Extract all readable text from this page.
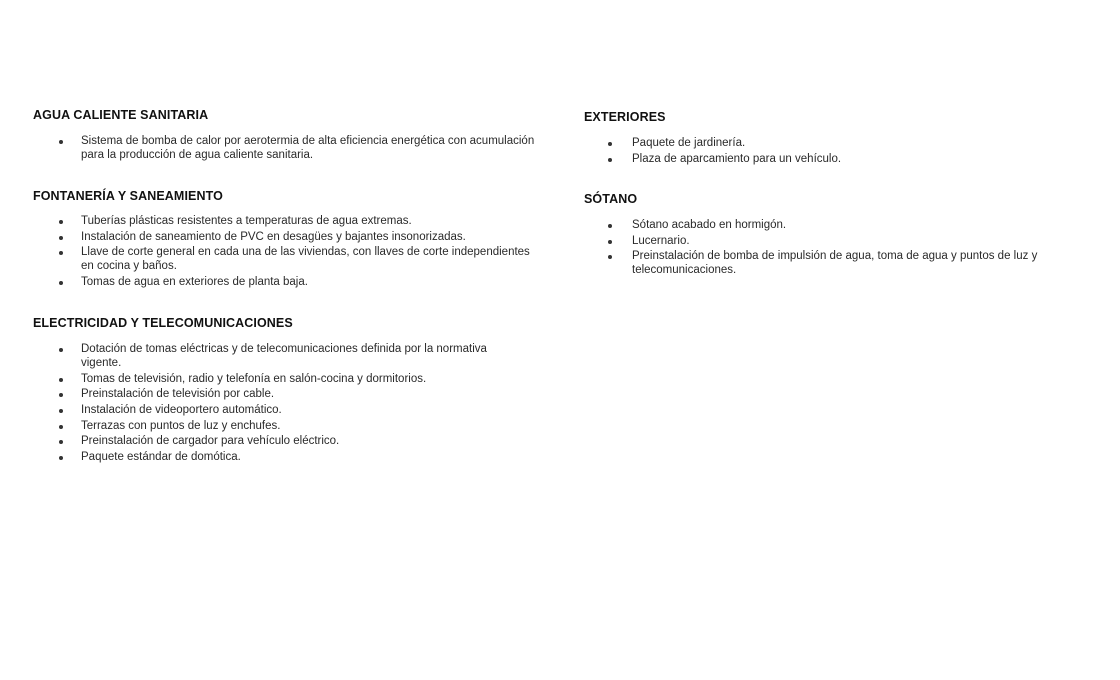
AGUA CALIENTE SANITARIA
Sistema de bomba de calor por aerotermia de alta eficiencia energética con acumulación para la producción de agua caliente sanitaria.
FONTANERÍA Y SANEAMIENTO
Tuberías plásticas resistentes a temperaturas de agua extremas.
Instalación de saneamiento de PVC en desagües y bajantes insonorizadas.
Llave de corte general en cada una de las viviendas, con llaves de corte independientes en cocina y baños.
Tomas de agua en exteriores de planta baja.
ELECTRICIDAD Y TELECOMUNICACIONES
Dotación de tomas eléctricas y de telecomunicaciones definida por la normativa vigente.
Tomas de televisión, radio y telefonía en salón-cocina y dormitorios.
Preinstalación de televisión por cable.
Instalación de videoportero automático.
Terrazas con puntos de luz y enchufes.
Preinstalación de cargador para vehículo eléctrico.
Paquete estándar de domótica.
EXTERIORES
Paquete de jardinería.
Plaza de aparcamiento para un vehículo.
SÓTANO
Sótano acabado en hormigón.
Lucernario.
Preinstalación de bomba de impulsión de agua, toma de agua y puntos de luz y telecomunicaciones.
